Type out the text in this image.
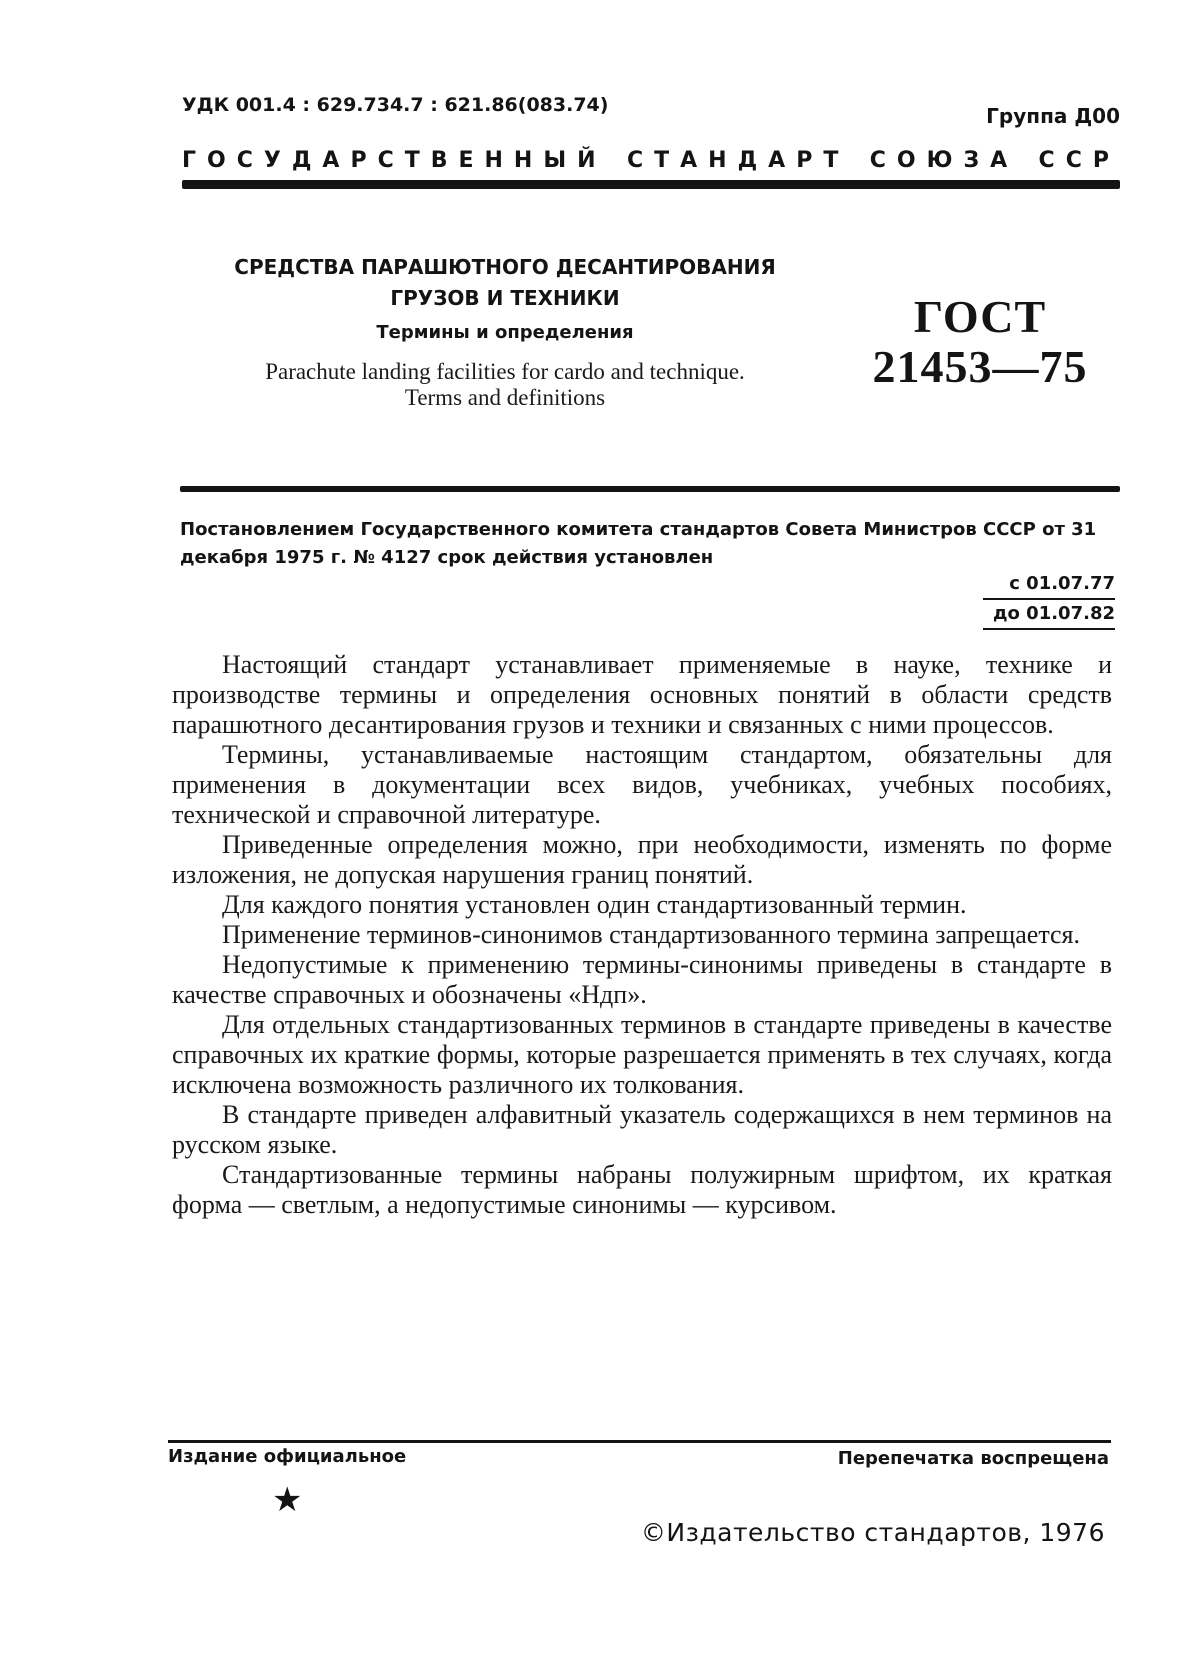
УДК 001.4 : 629.734.7 : 621.86(083.74)	Группа Д00
ГОСУДАРСТВЕННЫЙ СТАНДАРТ СОЮЗА ССР
СРЕДСТВА ПАРАШЮТНОГО ДЕСАНТИРОВАНИЯ
ГРУЗОВ И ТЕХНИКИ
Термины и определения
Parachute landing facilities for cardo and technique.
Terms and definitions
ГОСТ
21453—75
Постановлением Государственного комитета стандартов Совета Министров СССР от 31 декабря 1975 г. № 4127 срок действия установлен
с 01.07.77
до 01.07.82

Настоящий стандарт устанавливает применяемые в науке, технике и производстве термины и определения основных понятий в области средств парашютного десантирования грузов и техники и связанных с ними процессов.

Термины, устанавливаемые настоящим стандартом, обязательны для применения в документации всех видов, учебниках, учебных пособиях, технической и справочной литературе.

Приведенные определения можно, при необходимости, изменять по форме изложения, не допуская нарушения границ понятий.

Для каждого понятия установлен один стандартизованный термин.

Применение терминов-синонимов стандартизованного термина запрещается.

Недопустимые к применению термины-синонимы приведены в стандарте в качестве справочных и обозначены «Ндп».

Для отдельных стандартизованных терминов в стандарте приведены в качестве справочных их краткие формы, которые разрешается применять в тех случаях, когда исключена возможность различного их толкования.

В стандарте приведен алфавитный указатель содержащихся в нем терминов на русском языке.

Стандартизованные термины набраны полужирным шрифтом, их краткая форма — светлым, а недопустимые синонимы — курсивом.

Издание официальное	Перепечатка воспрещена
★
©Издательство стандартов, 1976
